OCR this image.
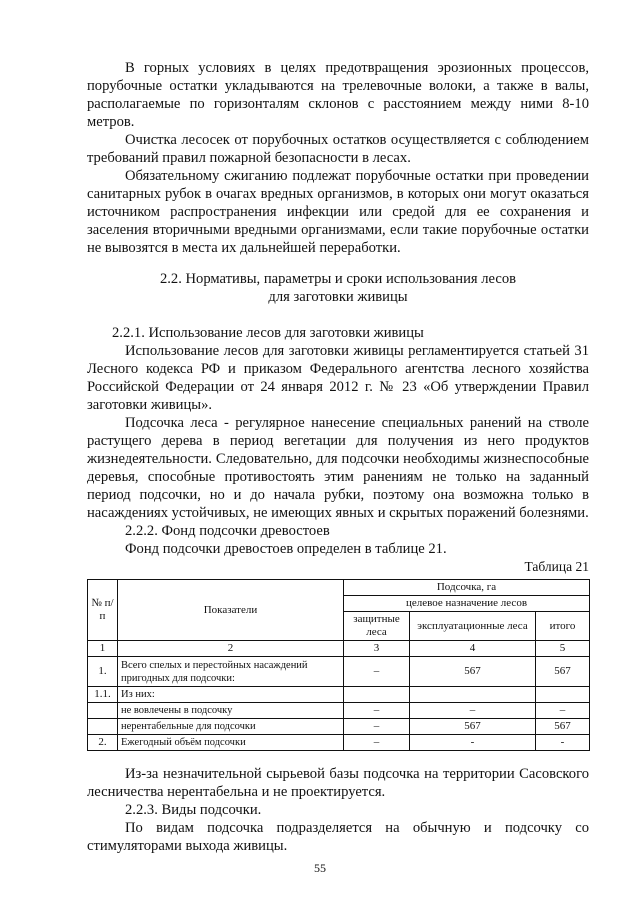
В горных условиях в целях предотвращения эрозионных процессов, порубочные остатки укладываются на трелевочные волоки, а также в валы, располагаемые по горизонталям склонов с расстоянием между ними 8-10 метров.

Очистка лесосек от порубочных остатков осуществляется с соблюдением требований правил пожарной безопасности в лесах.

Обязательному сжиганию подлежат порубочные остатки при проведении санитарных рубок в очагах вредных организмов, в которых они могут оказаться источником распространения инфекции или средой для ее сохранения и заселения вторичными вредными организмами, если такие порубочные остатки не вывозятся в места их дальнейшей переработки.

2.2. Нормативы, параметры и сроки использования лесов

для заготовки живицы

2.2.1. Использование лесов для заготовки живицы

Использование лесов для заготовки живицы регламентируется статьей 31 Лесного кодекса РФ и приказом Федерального агентства лесного хозяйства Российской Федерации от 24 января 2012 г. № 23 «Об утверждении Правил заготовки живицы».

Подсочка леса - регулярное нанесение специальных ранений на стволе растущего дерева в период вегетации для получения из него продуктов жизнедеятельности. Следовательно, для подсочки необходимы жизнеспособные деревья, способные противостоять этим ранениям не только на заданный период подсочки, но и до начала рубки, поэтому она возможна только в насаждениях устойчивых, не имеющих явных и скрытых поражений болезнями.

2.2.2. Фонд подсочки древостоев

Фонд подсочки древостоев определен в таблице 21.

Таблица 21

№ п/п	Показатели	Подсочка, га		
		целевое назначение лесов		
		защитные леса	эксплуатационные леса	итого
1	2	3	4	5
1.	Всего спелых и перестойных насаждений пригодных для подсочки:	–	567	567
1.1.	Из них:			
	не вовлечены в подсочку	–	–	–
	нерентабельные для подсочки	–	567	567
2.	Ежегодный объём подсочки	–	-	-

Из-за незначительной сырьевой базы подсочка на территории Сасовского лесничества нерентабельна и не проектируется.

2.2.3. Виды подсочки.

По видам подсочка подразделяется на обычную и подсочку со стимуляторами выхода живицы.

55
